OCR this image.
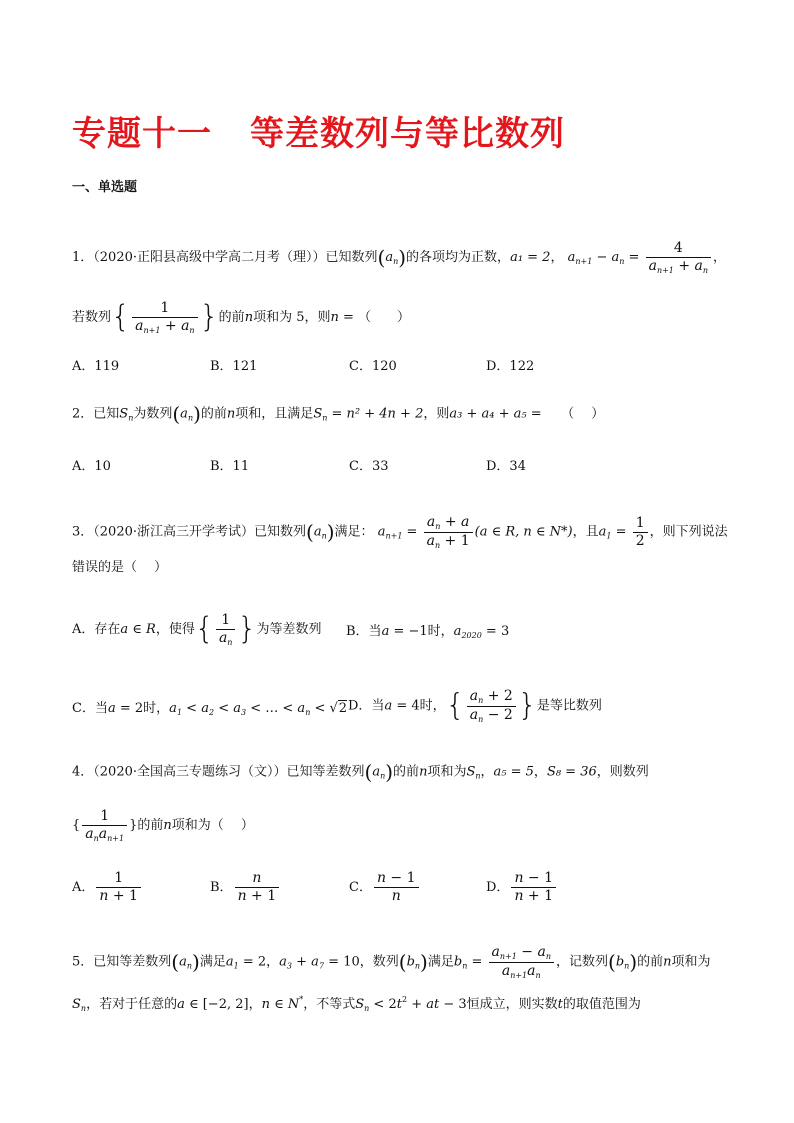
专题十一 等差数列与等比数列
一、单选题
1．（2020·正阳县高级中学高二月考（理））已知数列$(a_n)$的各项均为正数，a₁ = 2， $a_{n+1} - a_n = \frac{4}{a_{n+1} + a_n}$ ，
若数列{ $\frac{1}{a_{n+1} + a_n}$ }的前n项和为 5，则n = （　　）
A．119	B．121	C．120	D．122
2．已知$S_n$为数列$(a_n)$的前n项和，且满足$S_n = n^2 + 4n + 2$，则a₃ + a₄ + a₅ =　　 （　 ）
A．10	B．11	C．33	D．34
3．（2020·浙江高三开学考试）已知数列$(a_n)$满足： $a_{n+1} = \frac{a_n + a}{a_n + 1} (a$ ∈ R, n ∈ N*)，且$a_1 = \frac{1}{2}$ ，则下列说法
错误的是（　 ）
A．存在a ∈ R，使得{ $\frac{1}{a_n}$ }为等差数列 B．当a = −1时，$a_{2020} = 3$
C．当a = 2时，$a_1 < a_2 < a_3$ < … < $a_n < √2$ D．当a = 4时，{ $\frac{a_n + 2}{a_n - 2}$ }是等比数列
4．（2020·全国高三专题练习（文））已知等差数列$(a_n)$的前n项和为$S_n$，a₅ = 5，S₈ = 36，则数列
{ $\frac{1}{a_na_{n+1}}$ }的前n项和为（　 ）
A． $\frac{1}{n + 1}$	B． $\frac{n}{n + 1}$	C． $\frac{n - 1}{n}$	D． $\frac{n - 1}{n + 1}$
5．已知等差数列$(a_n)$满足$a_1 = 2$，$a_3 + a_7 = 10$，数列$(b_n)$满足$b_n = \frac{a_{n+1} - a_n}{a_{n+1}a_n}$ ，记数列$(b_n)$的前n项和为
$S_n$，若对于任意的a ∈ [−2, 2]，n ∈ N*，不等式$S_n < 2t^2$ + at − 3恒成立，则实数t的取值范围为
